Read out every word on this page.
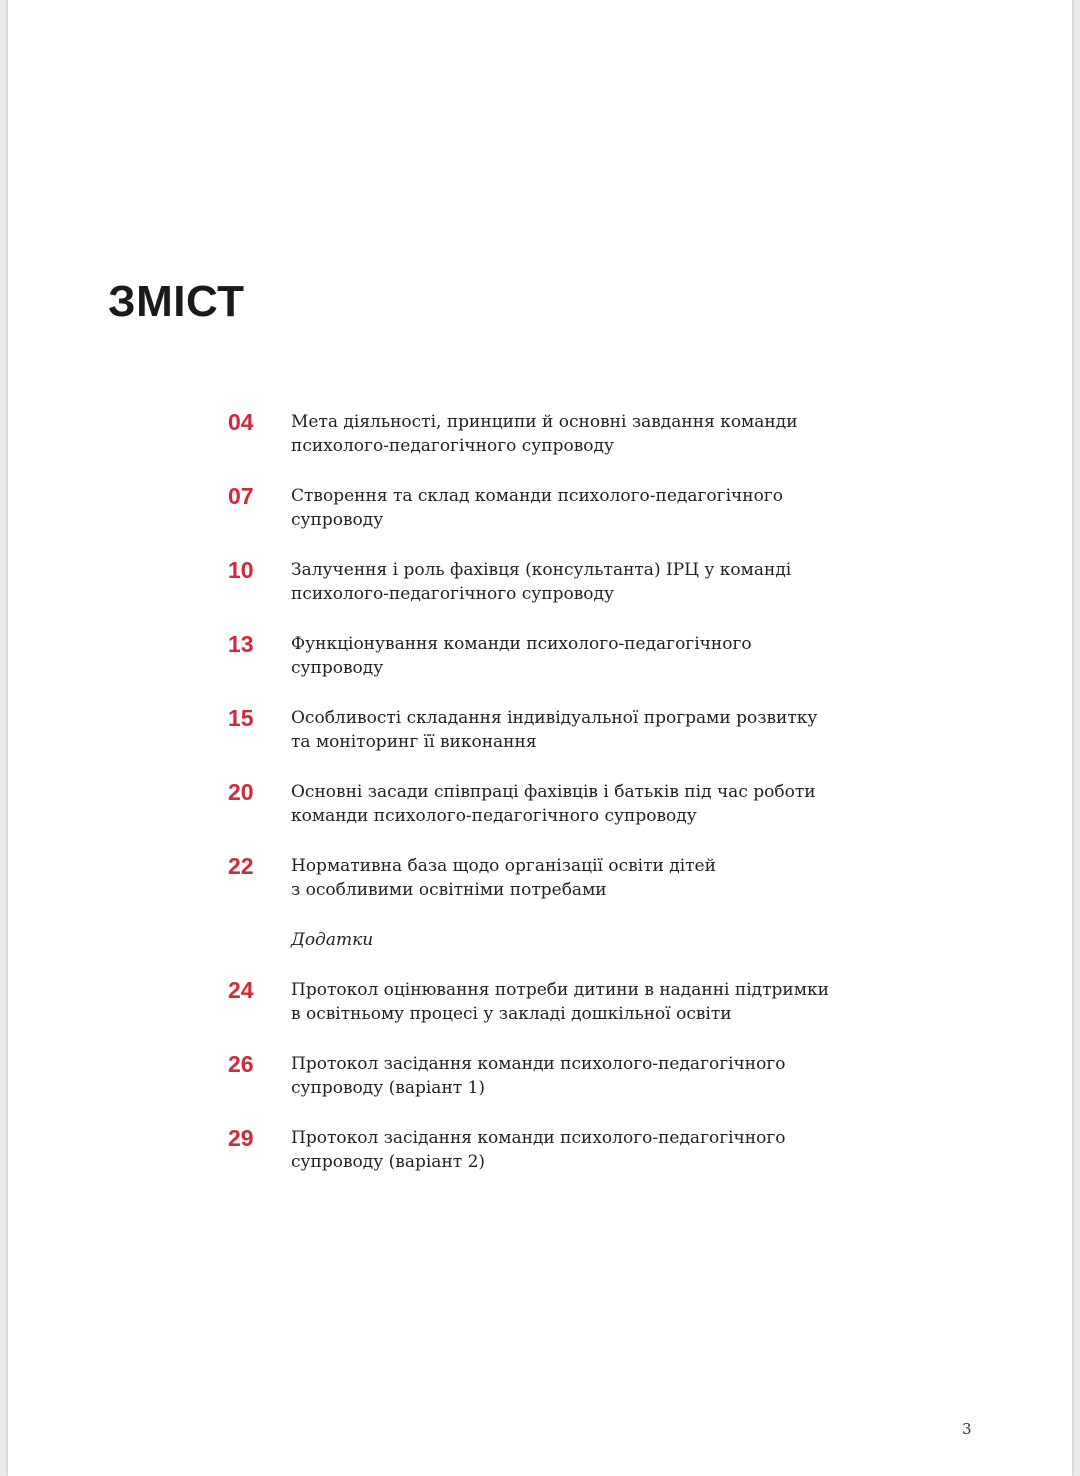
ЗМІСТ
04	Мета діяльності, принципи й основні завдання команди
психолого-педагогічного супроводу
07	Створення та склад команди психолого-педагогічного
супроводу
10	Залучення і роль фахівця (консультанта) ІРЦ у команді
психолого-педагогічного супроводу
13	Функціонування команди психолого-педагогічного
супроводу
15	Особливості складання індивідуальної програми розвитку
та моніторинг її виконання
20	Основні засади співпраці фахівців і батьків під час роботи
команди психолого-педагогічного супроводу
22	Нормативна база щодо організації освіти дітей
з особливими освітніми потребами
Додатки
24	Протокол оцінювання потреби дитини в наданні підтримки
в освітньому процесі у закладі дошкільної освіти
26	Протокол засідання команди психолого-педагогічного
супроводу (варіант 1)
29	Протокол засідання команди психолого-педагогічного
супроводу (варіант 2)
3
